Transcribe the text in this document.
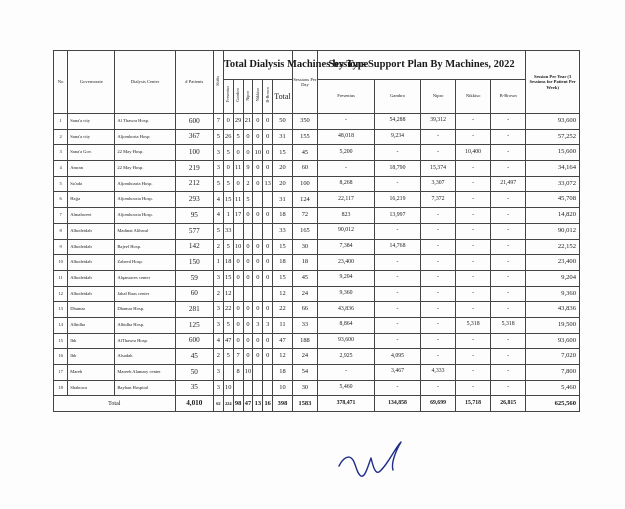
No	Governorate	Dialysis Center	# Patients	Shifts	Total Dialysis Machines by Type						Sessions Per Day	Sessions Support Plan By Machines, 2022					Session Per Year (3 Sessions for Patient Per Week)
					Fresenius	Gambro	Nipro	Nikkiso	B-Brown	Total		Fresenius	Gambro	Nipro	Nikkiso	B-Brown	
1	Sana'a city	Al Thawra Hosp.	600	7	0	29	21	0	0	50	350	-	54,288	39,312	-	-	93,600
2	Sana'a city	Aljomhoria Hosp.	367	5	26	5	0	0	0	31	155	48,018	9,234	-	-	-	57,252
3	Sana'a Gov.	22 May Hosp.	100	3	5	0	0	10	0	15	45	5,200	-	-	10,400	-	15,600
4	Amran	22 May Hosp.	219	3	0	11	9	0	0	20	60	-	18,790	15,374	-	-	34,164
5	Sa'ada	Aljomhoaria Hosp.	212	5	5	0	2	0	13	20	100	8,268	-	3,307	-	21,497	33,072
6	Hajja	Aljomhooria Hosp.	293	4	15	11	5			31	124	22,117	16,219	7,372	-	-	45,708
7	Almahweet	Aljomhooria Hosp.	95	4	1	17	0	0	0	18	72	823	13,997	-	-	-	14,820
8	Alhodeidah	Madinat Althwal	577	5	33					33	165	90,012	-	-	-	-	90,012
9	Alhodeidah	Bajeel Hosp.	142	2	5	10	0	0	0	15	30	7,384	14,768	-	-	-	22,152
10	Alhodeidah	Zabeed Hosp.	150	1	18	0	0	0	0	18	18	23,400	-	-	-	-	23,400
11	Alhodeidah	Alqanawes center	59	3	15	0	0	0	0	15	45	9,204	-	-	-	-	9,204
12	Alhodeidah	Jabal Raas center	60	2	12					12	24	9,360	-	-	-	-	9,360
13	Dhamar	Dhamar Hosp.	281	3	22	0	0	0	0	22	66	43,836	-	-	-	-	43,836
14	Albidha	Albidha Hosp.	125	3	5	0	0	3	3	11	33	8,864	-	-	5,318	5,318	19,500
15	Ibb	AlThawra Hosp.	600	4	47	0	0	0	0	47	188	93,600	-	-	-	-	93,600
16	Ibb	Alsadah	45	2	5	7	0	0	0	12	24	2,925	4,095	-	-	-	7,020
17	Mareb	Mareeb Alamary center	50	3		8	10			18	54	-	3,467	4,333	-	-	7,800
18	Shabowa	Bayhan Hospital	35	3	10					10	30	5,460	-	-	-	-	5,460
Total			4,010	62	224	98	47	13	16	398	1583	378,471	134,858	69,699	15,718	26,815	625,560
